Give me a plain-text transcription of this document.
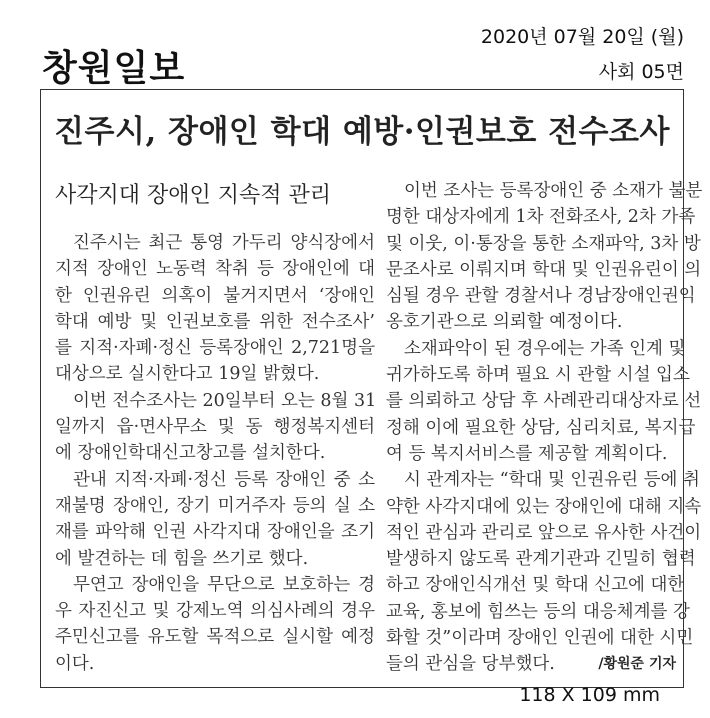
창원일보
2020년 07월 20일 (월)
사회 05면
진주시, 장애인 학대 예방·인권보호 전수조사
사각지대 장애인 지속적 관리
진주시는 최근 통영 가두리 양식장에서
지적 장애인 노동력 착취 등 장애인에 대
한 인권유린 의혹이 불거지면서 ‘장애인
학대 예방 및 인권보호를 위한 전수조사’
를 지적·자폐·정신 등록장애인 2,721명을
대상으로 실시한다고 19일 밝혔다.
이번 전수조사는 20일부터 오는 8월 31
일까지 읍·면사무소 및 동 행정복지센터
에 장애인학대신고창고를 설치한다.
관내 지적·자폐·정신 등록 장애인 중 소
재불명 장애인, 장기 미거주자 등의 실 소
재를 파악해 인권 사각지대 장애인을 조기
에 발견하는 데 힘을 쓰기로 했다.
무연고 장애인을 무단으로 보호하는 경
우 자진신고 및 강제노역 의심사례의 경우
주민신고를 유도할 목적으로 실시할 예정
이다.
이번 조사는 등록장애인 중 소재가 불분
명한 대상자에게 1차 전화조사, 2차 가족
및 이웃, 이·통장을 통한 소재파악, 3차 방
문조사로 이뤄지며 학대 및 인권유린이 의
심될 경우 관할 경찰서나 경남장애인권익
옹호기관으로 의뢰할 예정이다.
소재파악이 된 경우에는 가족 인계 및
귀가하도록 하며 필요 시 관할 시설 입소
를 의뢰하고 상담 후 사례관리대상자로 선
정해 이에 필요한 상담, 심리치료, 복지급
여 등 복지서비스를 제공할 계획이다.
시 관계자는 “학대 및 인권유린 등에 취
약한 사각지대에 있는 장애인에 대해 지속
적인 관심과 관리로 앞으로 유사한 사건이
발생하지 않도록 관계기관과 긴밀히 협력
하고 장애인식개선 및 학대 신고에 대한
교육, 홍보에 힘쓰는 등의 대응체계를 강
화할 것”이라며 장애인 인권에 대한 시민
들의 관심을 당부했다.	/황원준 기자
118 X 109 mm
